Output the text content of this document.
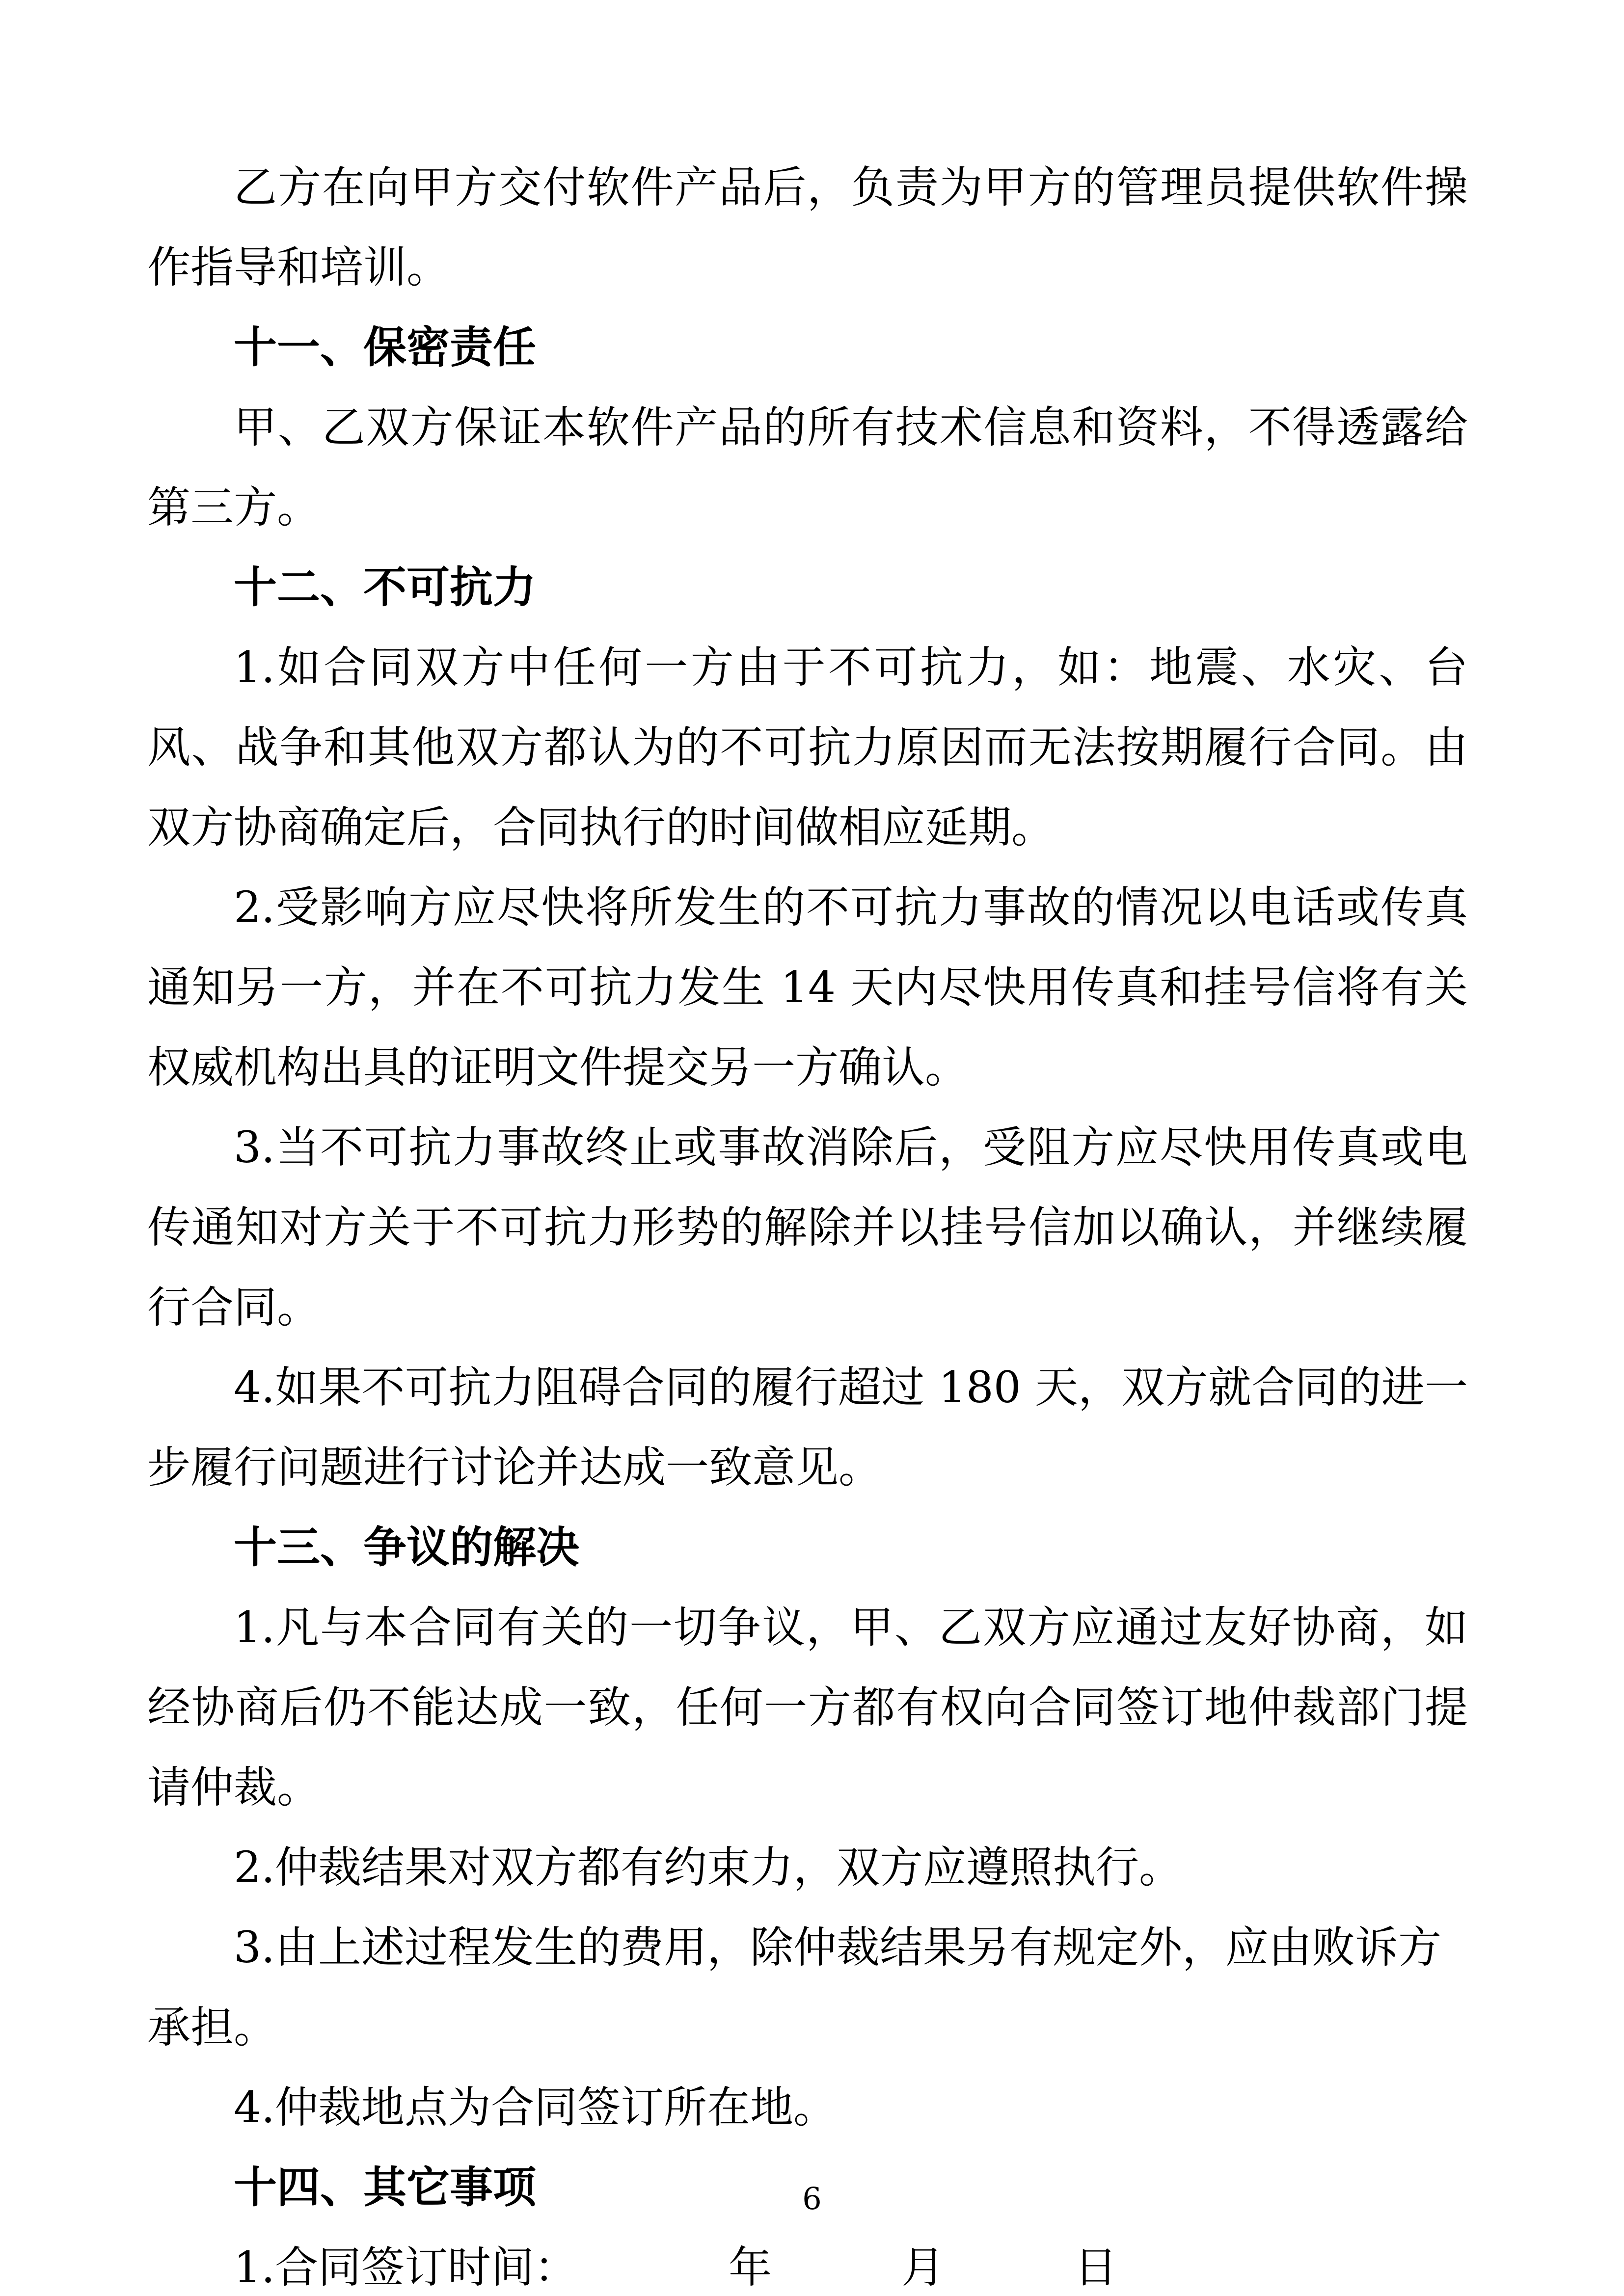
乙方在向甲方交付软件产品后，负责为甲方的管理员提供软件操作指导和培训。

十一、保密责任

甲、乙双方保证本软件产品的所有技术信息和资料，不得透露给第三方。

十二、不可抗力

1.如合同双方中任何一方由于不可抗力，如：地震、水灾、台风、战争和其他双方都认为的不可抗力原因而无法按期履行合同。由双方协商确定后，合同执行的时间做相应延期。

2.受影响方应尽快将所发生的不可抗力事故的情况以电话或传真通知另一方，并在不可抗力发生 14 天内尽快用传真和挂号信将有关权威机构出具的证明文件提交另一方确认。

3.当不可抗力事故终止或事故消除后，受阻方应尽快用传真或电传通知对方关于不可抗力形势的解除并以挂号信加以确认，并继续履行合同。

4.如果不可抗力阻碍合同的履行超过 180 天，双方就合同的进一步履行问题进行讨论并达成一致意见。

十三、争议的解决

1.凡与本合同有关的一切争议，甲、乙双方应通过友好协商，如经协商后仍不能达成一致，任何一方都有权向合同签订地仲裁部门提请仲裁。

2.仲裁结果对双方都有约束力，双方应遵照执行。

3.由上述过程发生的费用，除仲裁结果另有规定外，应由败诉方承担。

4.仲裁地点为合同签订所在地。

十四、其它事项

1.合同签订时间：　　　　年　　　月　　　日

6
